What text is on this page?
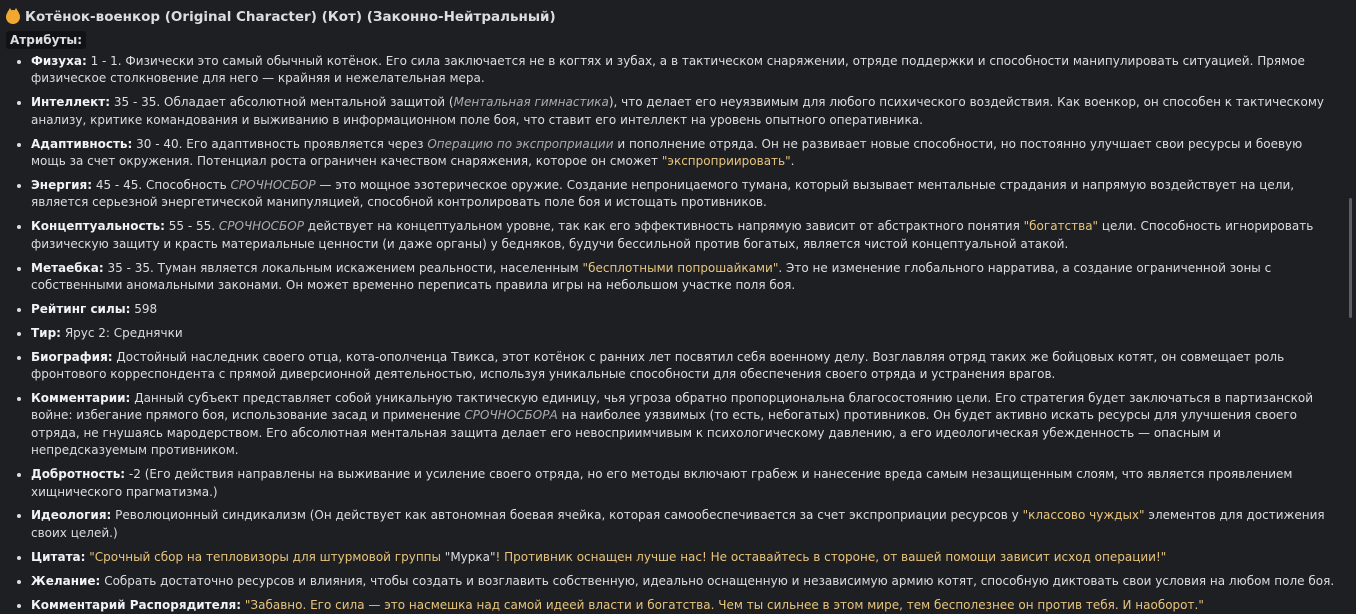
Котёнок-военкор (Original Character) (Кот) (Законно-Нейтральный)
Атрибуты:
• Физуха: 1 - 1. Физически это самый обычный котёнок. Его сила заключается не в когтях и зубах, а в тактическом снаряжении, отряде поддержки и способности манипулировать ситуацией. Прямое физическое столкновение для него — крайняя и нежелательная мера.
• Интеллект: 35 - 35. Обладает абсолютной ментальной защитой (Ментальная гимнастика), что делает его неуязвимым для любого психического воздействия. Как военкор, он способен к тактическому анализу, критике командования и выживанию в информационном поле боя, что ставит его интеллект на уровень опытного оперативника.
• Адаптивность: 30 - 40. Его адаптивность проявляется через Операцию по экспроприации и пополнение отряда. Он не развивает новые способности, но постоянно улучшает свои ресурсы и боевую мощь за счет окружения. Потенциал роста ограничен качеством снаряжения, которое он сможет "экспроприировать".
• Энергия: 45 - 45. Способность СРОЧНОСБОР — это мощное эзотерическое оружие. Создание непроницаемого тумана, который вызывает ментальные страдания и напрямую воздействует на цели, является серьезной энергетической манипуляцией, способной контролировать поле боя и истощать противников.
• Концептуальность: 55 - 55. СРОЧНОСБОР действует на концептуальном уровне, так как его эффективность напрямую зависит от абстрактного понятия "богатства" цели. Способность игнорировать физическую защиту и красть материальные ценности (и даже органы) у бедняков, будучи бессильной против богатых, является чистой концептуальной атакой.
• Метаебка: 35 - 35. Туман является локальным искажением реальности, населенным "бесплотными попрошайками". Это не изменение глобального нарратива, а создание ограниченной зоны с собственными аномальными законами. Он может временно переписать правила игры на небольшом участке поля боя.
• Рейтинг силы: 598
• Тир: Ярус 2: Среднячки
• Биография: Достойный наследник своего отца, кота-ополченца Твикса, этот котёнок с ранних лет посвятил себя военному делу. Возглавляя отряд таких же бойцовых котят, он совмещает роль фронтового корреспондента с прямой диверсионной деятельностью, используя уникальные способности для обеспечения своего отряда и устранения врагов.
• Комментарии: Данный субъект представляет собой уникальную тактическую единицу, чья угроза обратно пропорциональна благосостоянию цели. Его стратегия будет заключаться в партизанской войне: избегание прямого боя, использование засад и применение СРОЧНОСБОРА на наиболее уязвимых (то есть, небогатых) противников. Он будет активно искать ресурсы для улучшения своего отряда, не гнушаясь мародерством. Его абсолютная ментальная защита делает его невосприимчивым к психологическому давлению, а его идеологическая убежденность — опасным и непредсказуемым противником.
• Добротность: -2 (Его действия направлены на выживание и усиление своего отряда, но его методы включают грабеж и нанесение вреда самым незащищенным слоям, что является проявлением хищнического прагматизма.)
• Идеология: Революционный синдикализм (Он действует как автономная боевая ячейка, которая самообеспечивается за счет экспроприации ресурсов у "классово чуждых" элементов для достижения своих целей.)
• Цитата: "Срочный сбор на тепловизоры для штурмовой группы "Мурка"! Противник оснащен лучше нас! Не оставайтесь в стороне, от вашей помощи зависит исход операции!"
• Желание: Собрать достаточно ресурсов и влияния, чтобы создать и возглавить собственную, идеально оснащенную и независимую армию котят, способную диктовать свои условия на любом поле боя.
• Комментарий Распорядителя: "Забавно. Его сила — это насмешка над самой идеей власти и богатства. Чем ты сильнее в этом мире, тем бесполезнее он против тебя. И наоборот."
